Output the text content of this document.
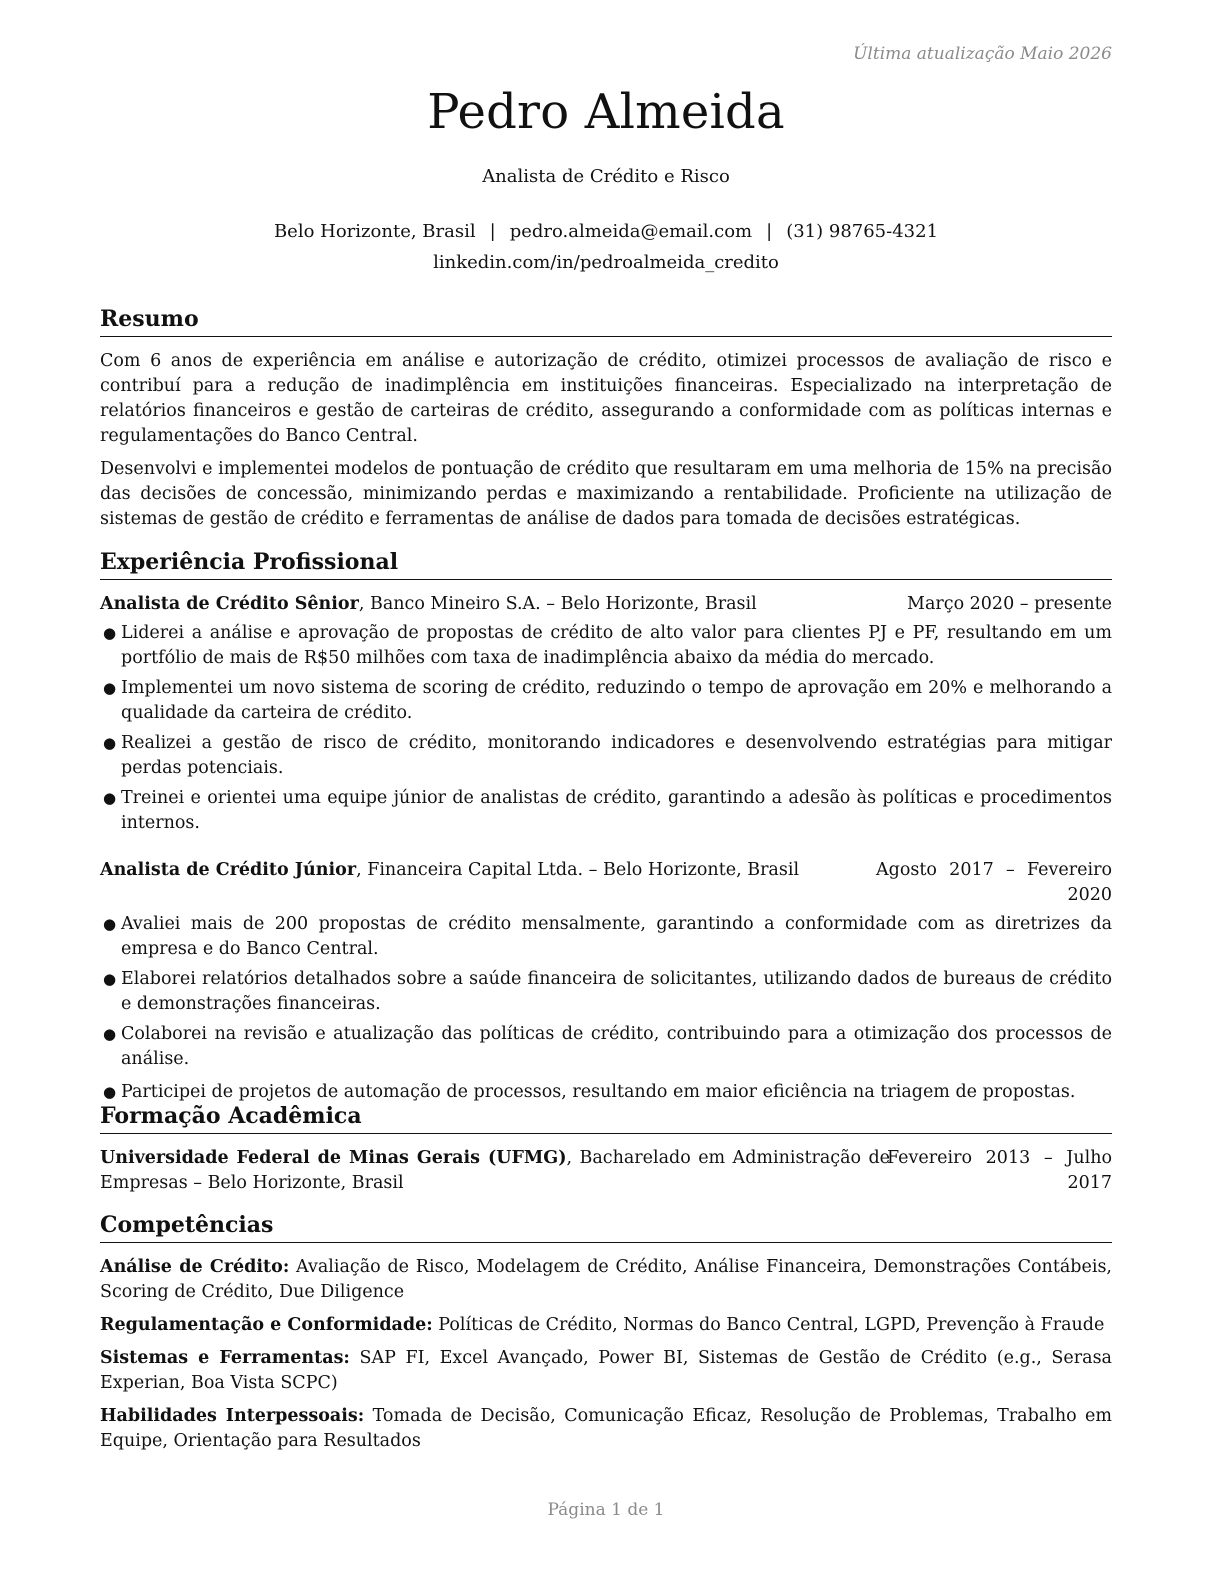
Última atualização Maio 2026
Pedro Almeida
Analista de Crédito e Risco
Belo Horizonte, Brasil | pedro.almeida@email.com | (31) 98765-4321
linkedin.com/in/pedroalmeida_credito
Resumo

Com 6 anos de experiência em análise e autorização de crédito, otimizei processos de avaliação de risco e contribuí para a redução de inadimplência em instituições financeiras. Especializado na interpretação de relatórios financeiros e gestão de carteiras de crédito, assegurando a conformidade com as políticas internas e regulamentações do Banco Central.

Desenvolvi e implementei modelos de pontuação de crédito que resultaram em uma melhoria de 15% na precisão das decisões de concessão, minimizando perdas e maximizando a rentabilidade. Proficiente na utilização de sistemas de gestão de crédito e ferramentas de análise de dados para tomada de decisões estratégicas.

Experiência Profissional
Analista de Crédito Sênior, Banco Mineiro S.A. – Belo Horizonte, Brasil	Março 2020 – presente
● Liderei a análise e aprovação de propostas de crédito de alto valor para clientes PJ e PF, resultando em um portfólio de mais de R$50 milhões com taxa de inadimplência abaixo da média do mercado.
● Implementei um novo sistema de scoring de crédito, reduzindo o tempo de aprovação em 20% e melhorando a qualidade da carteira de crédito.
● Realizei a gestão de risco de crédito, monitorando indicadores e desenvolvendo estratégias para mitigar perdas potenciais.
● Treinei e orientei uma equipe júnior de analistas de crédito, garantindo a adesão às políticas e procedimentos internos.
Analista de Crédito Júnior, Financeira Capital Ltda. – Belo Horizonte, Brasil	Agosto 2017 – Fevereiro 2020
● Avaliei mais de 200 propostas de crédito mensalmente, garantindo a conformidade com as diretrizes da empresa e do Banco Central.
● Elaborei relatórios detalhados sobre a saúde financeira de solicitantes, utilizando dados de bureaus de crédito e demonstrações financeiras.
● Colaborei na revisão e atualização das políticas de crédito, contribuindo para a otimização dos processos de análise.
● Participei de projetos de automação de processos, resultando em maior eficiência na triagem de propostas.
Formação Acadêmica
Universidade Federal de Minas Gerais (UFMG), Bacharelado em Administração de Empresas – Belo Horizonte, Brasil
Fevereiro 2013 – Julho 2017
Competências

Análise de Crédito: Avaliação de Risco, Modelagem de Crédito, Análise Financeira, Demonstrações Contábeis, Scoring de Crédito, Due Diligence

Regulamentação e Conformidade: Políticas de Crédito, Normas do Banco Central, LGPD, Prevenção à Fraude

Sistemas e Ferramentas: SAP FI, Excel Avançado, Power BI, Sistemas de Gestão de Crédito (e.g., Serasa Experian, Boa Vista SCPC)

Habilidades Interpessoais: Tomada de Decisão, Comunicação Eficaz, Resolução de Problemas, Trabalho em Equipe, Orientação para Resultados

Página 1 de 1
